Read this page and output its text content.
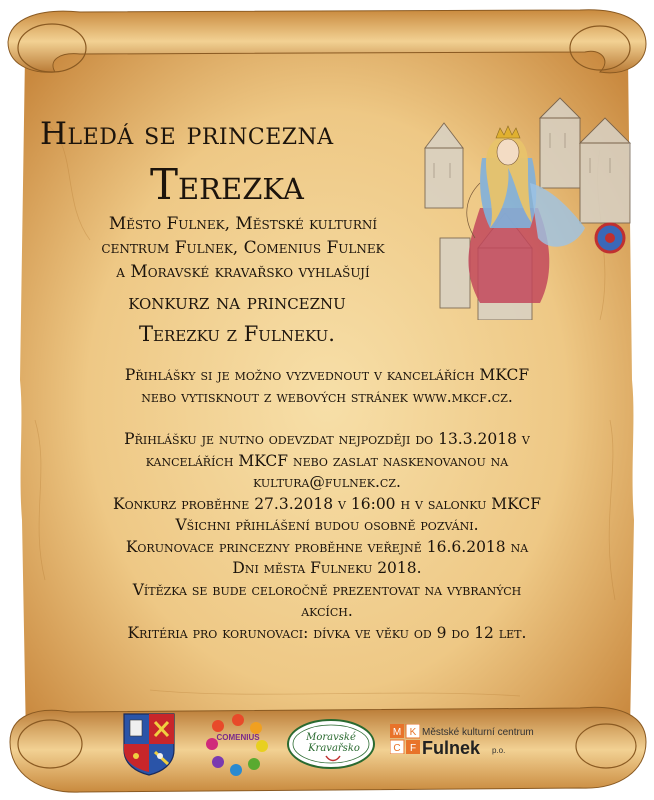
Hledá se princezna
Terezka
Město Fulnek, Městské kulturní
centrum Fulnek, Comenius Fulnek
a Moravské kravařsko vyhlašují
konkurz na princeznu
Terezku z Fulneku.

Přihlášky si je možno vyzvednout v kancelářích MKCF

nebo vytisknout z webových stránek www.mkcf.cz.

Přihlášku je nutno odevzdat nejpozději do 13.3.2018 v

kancelářích MKCF nebo zaslat naskenovanou na

kultura@fulnek.cz.

Konkurz proběhne 27.3.2018 v 16:00 h v salonku MKCF

Všichni přihlášení budou osobně pozváni.

Korunovace princezny proběhne veřejně 16.6.2018 na

Dni města Fulneku 2018.

Vítězka se bude celoročně prezentovat na vybraných

akcích.

Kritéria pro korunovaci: dívka ve věku od 9 do 12 let.

COMENIUS	Moravské
Kravařsko
M K
C F
Městské kulturní centrum
Fulnek p.o.
